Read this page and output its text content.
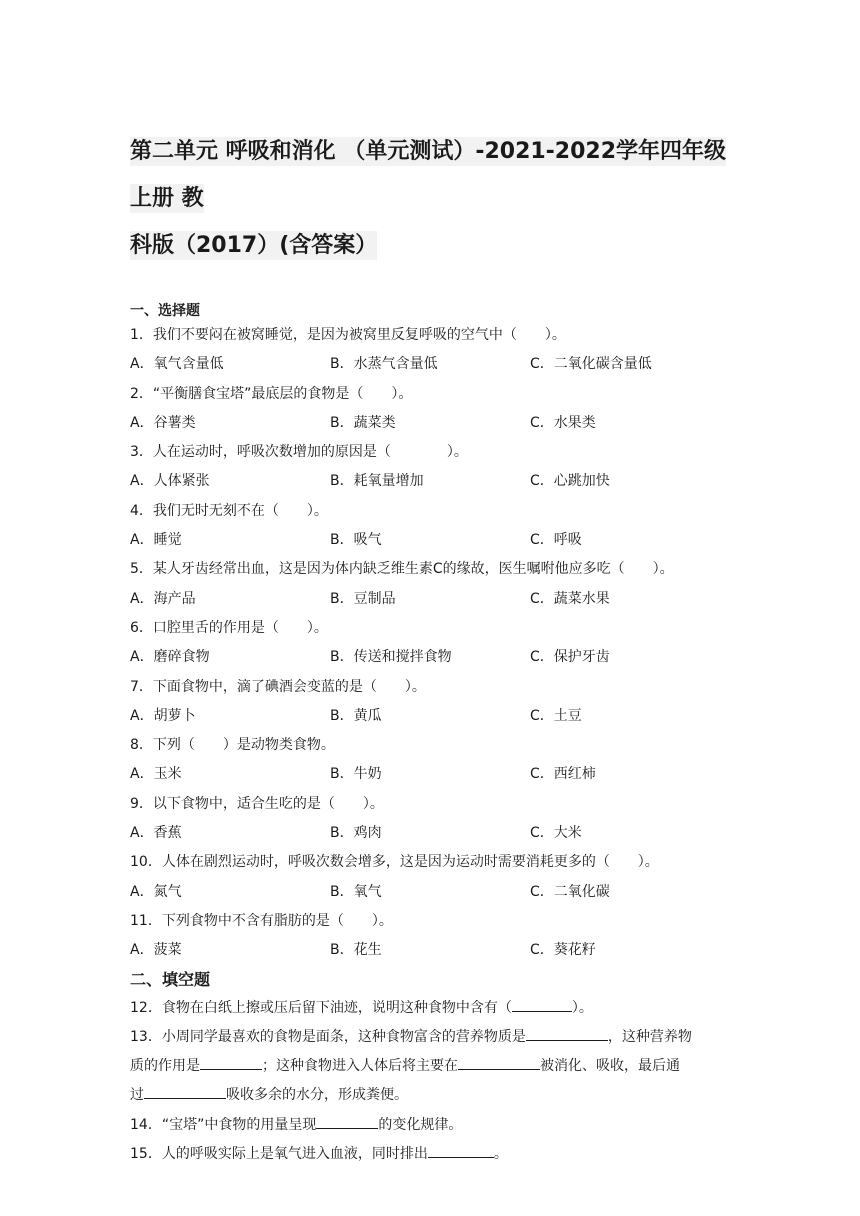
第二单元 呼吸和消化 （单元测试）-2021-2022学年四年级上册 教
科版（2017）(含答案）
一、选择题
1．我们不要闷在被窝睡觉，是因为被窝里反复呼吸的空气中（　　）。
A．氧气含量低	B．水蒸气含量低	C．二氧化碳含量低
2．“平衡膳食宝塔”最底层的食物是（　　）。
A．谷薯类	B．蔬菜类	C．水果类
3．人在运动时，呼吸次数增加的原因是（　　　　）。
A．人体紧张	B．耗氧量增加	C．心跳加快
4．我们无时无刻不在（　　）。
A．睡觉	B．吸气	C．呼吸
5．某人牙齿经常出血，这是因为体内缺乏维生素C的缘故，医生嘱咐他应多吃（　　）。
A．海产品	B．豆制品	C．蔬菜水果
6．口腔里舌的作用是（　　）。
A．磨碎食物	B．传送和搅拌食物	C．保护牙齿
7．下面食物中，滴了碘酒会变蓝的是（　　）。
A．胡萝卜	B．黄瓜	C．土豆
8．下列（　　）是动物类食物。
A．玉米	B．牛奶	C．西红柿
9．以下食物中，适合生吃的是（　　）。
A．香蕉	B．鸡肉	C．大米
10．人体在剧烈运动时，呼吸次数会增多，这是因为运动时需要消耗更多的（　　）。
A．氮气	B．氧气	C．二氧化碳
11．下列食物中不含有脂肪的是（　　）。
A．菠菜	B．花生	C．葵花籽
二、填空题
12．食物在白纸上擦或压后留下油迹，说明这种食物中含有（	）。
13．小周同学最喜欢的食物是面条，这种食物富含的营养物质是	，这种营养物
质的作用是	；这种食物进入人体后将主要在	被消化、吸收，最后通
过	吸收多余的水分，形成粪便。
14．“宝塔”中食物的用量呈现	的变化规律。
15．人的呼吸实际上是氧气进入血液，同时排出	。
